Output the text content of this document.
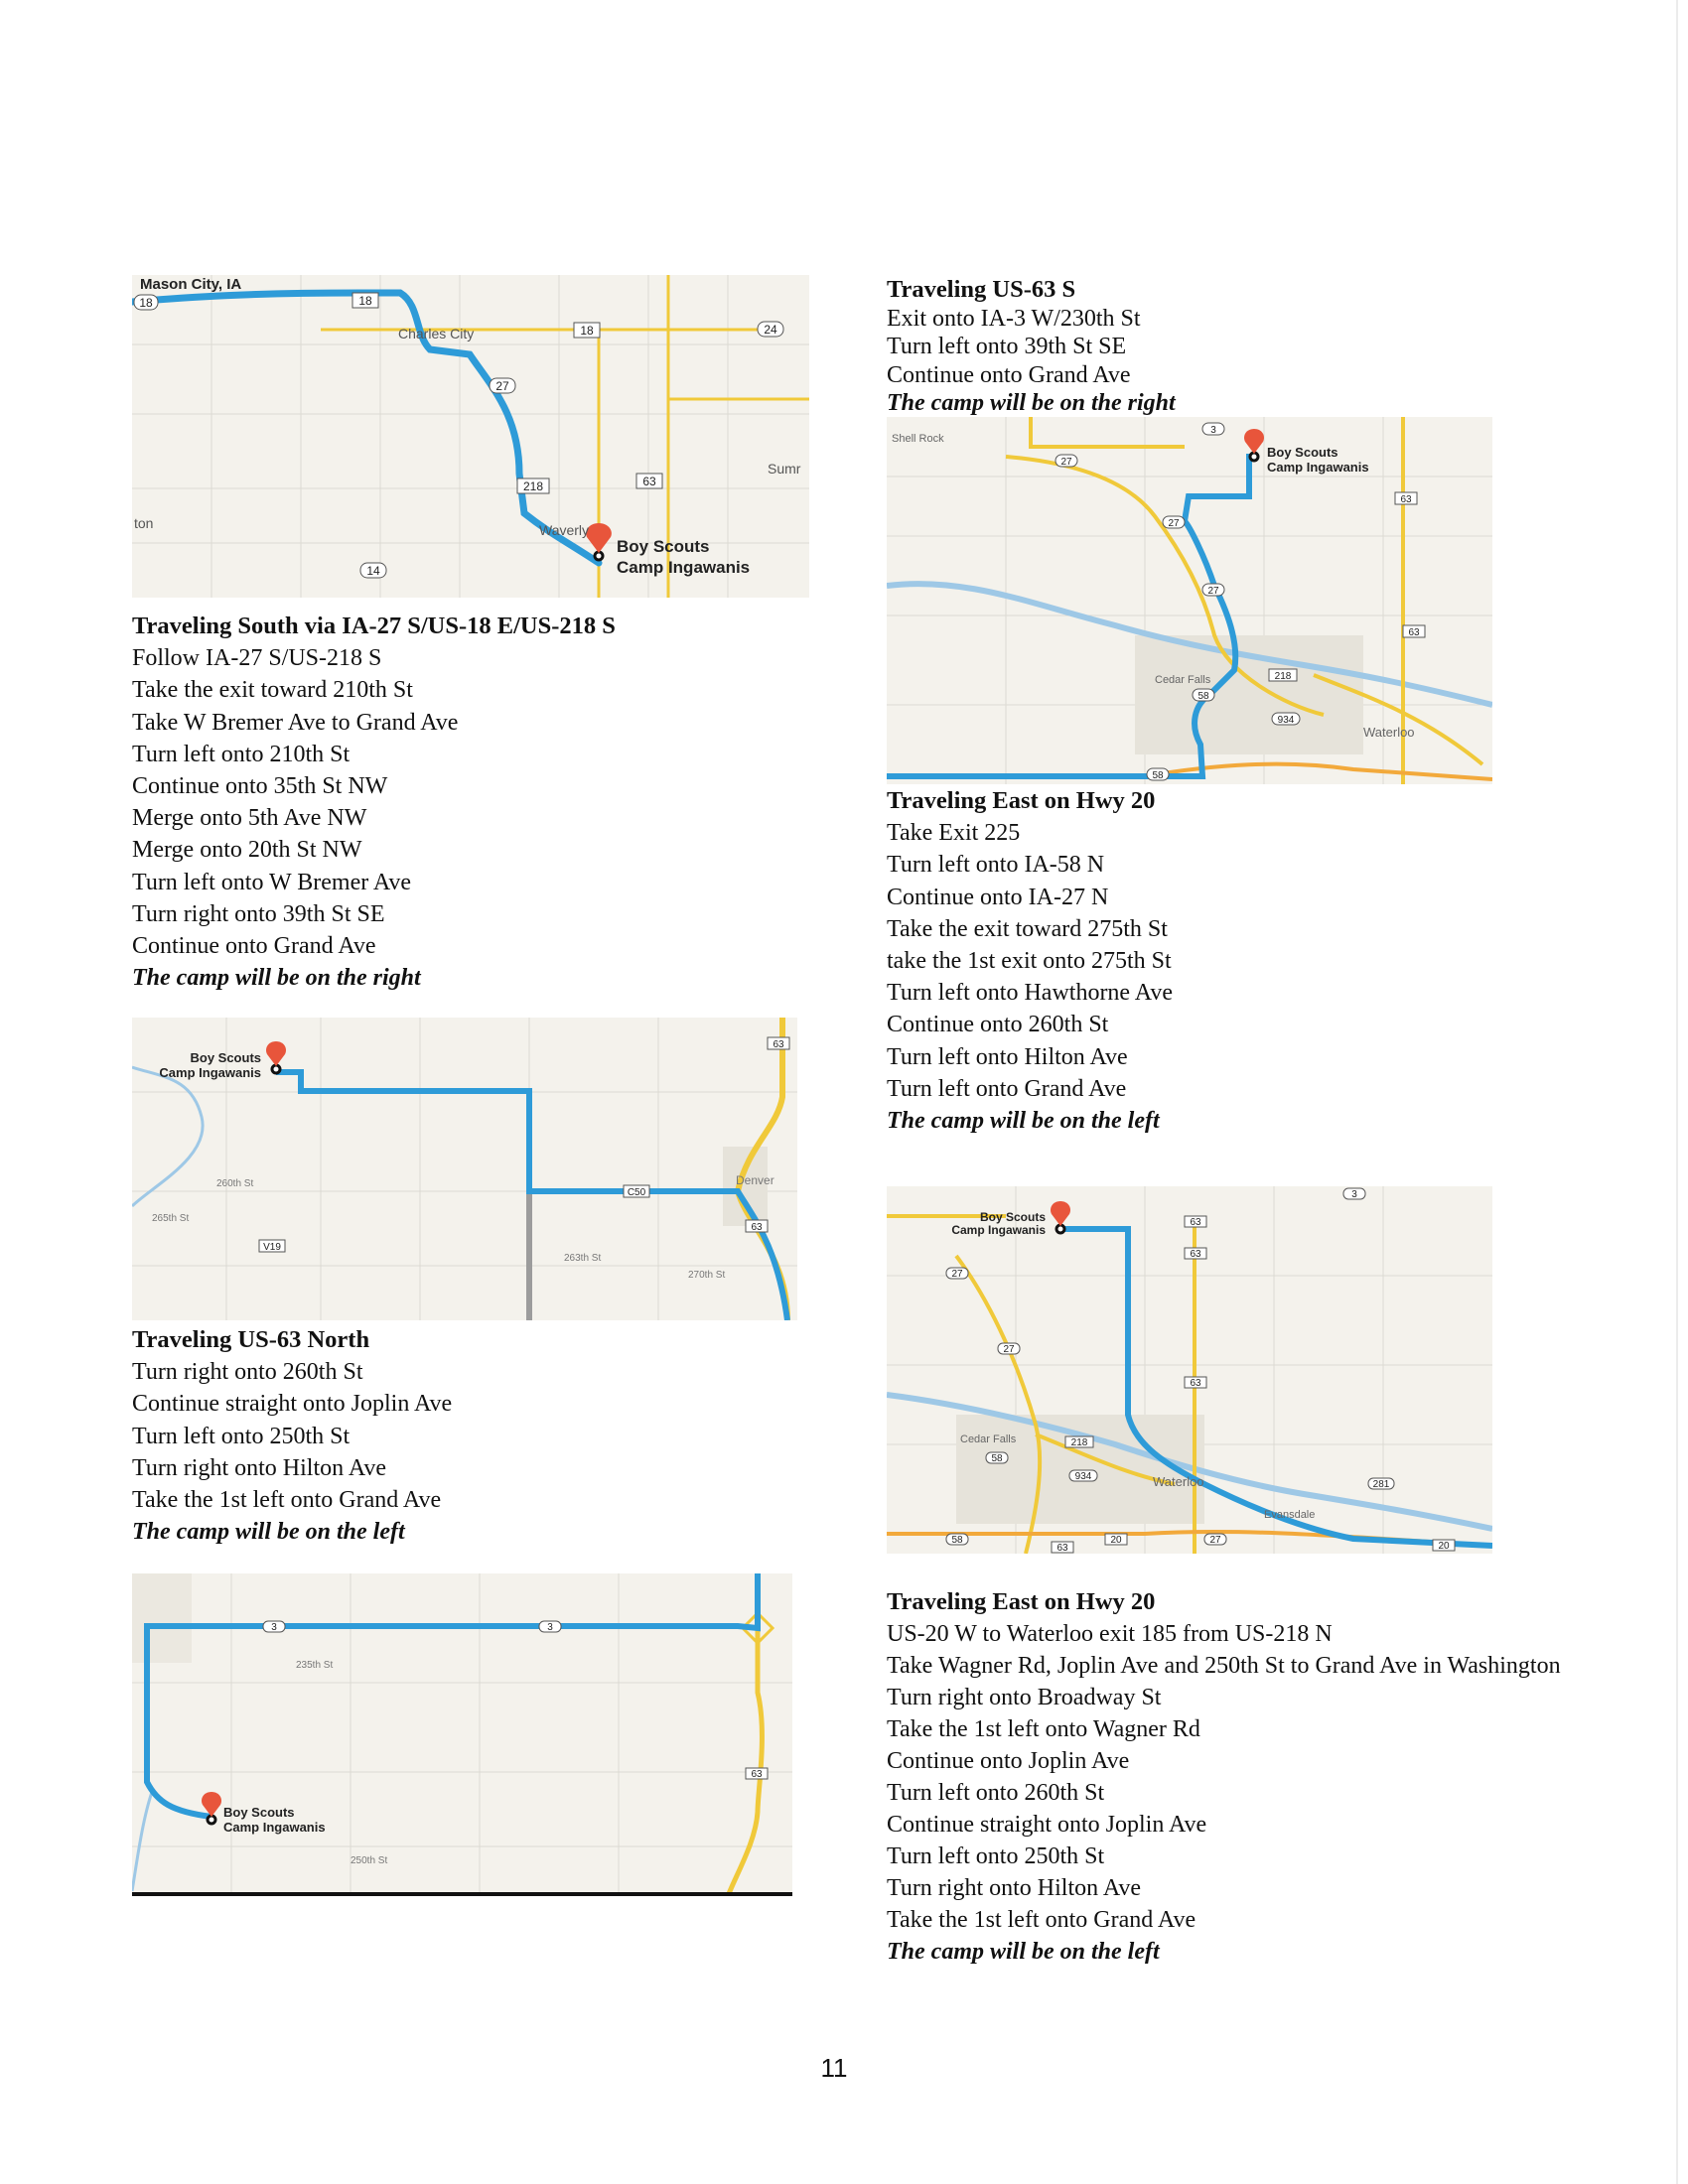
Mason City, IA
Boy Scouts
Camp Ingawanis
Charles City
Waverly
Sumr
ton
18	18
18	24
27
218	63
14
Traveling South via IA-27 S/US-18 E/US-218 S
Follow IA-27 S/US-218 S
Take the exit toward 210th St
Take W Bremer Ave to Grand Ave
Turn left onto 210th St
Continue onto 35th St NW
Merge onto 5th Ave NW
Merge onto 20th St NW
Turn left onto W Bremer Ave
Turn right onto 39th St SE
Continue onto Grand Ave
The camp will be on the right
Traveling US-63 S
Exit onto IA-3 W/230th St
Turn left onto 39th St SE
Continue onto Grand Ave
The camp will be on the right
Boy Scouts
Camp Ingawanis
Shell Rock
Cedar Falls
Waterloo
3
27
27
27
63
63
218
58
934
58
Traveling East on Hwy 20
Take Exit 225
Turn left onto IA-58 N
Continue onto IA-27 N
Take the exit toward 275th St
take the 1st exit onto 275th St
Turn left onto Hawthorne Ave
Continue onto 260th St
Turn left onto Hilton Ave
Turn left onto Grand Ave
The camp will be on the left
Boy Scouts
Camp Ingawanis
Denver
260th St
265th St
270th St
263th St
63
63
C50
V19
Traveling US-63 North
Turn right onto 260th St
Continue straight onto Joplin Ave
Turn left onto 250th St
Turn right onto Hilton Ave
Take the 1st left onto Grand Ave
The camp will be on the left
Boy Scouts
Camp Ingawanis
Cedar Falls
Waterloo
Evansdale
3
63
63
63
27
27
218
58
934
281
58
63
20	27
20
Boy Scouts
Camp Ingawanis
235th St
250th St
3	3
63
Traveling East on Hwy 20
US-20 W to Waterloo exit 185 from US-218 N
Take Wagner Rd, Joplin Ave and 250th St to Grand Ave in Washington
Turn right onto Broadway St
Take the 1st left onto Wagner Rd
Continue onto Joplin Ave
Turn left onto 260th St
Continue straight onto Joplin Ave
Turn left onto 250th St
Turn right onto Hilton Ave
Take the 1st left onto Grand Ave
The camp will be on the left
11
